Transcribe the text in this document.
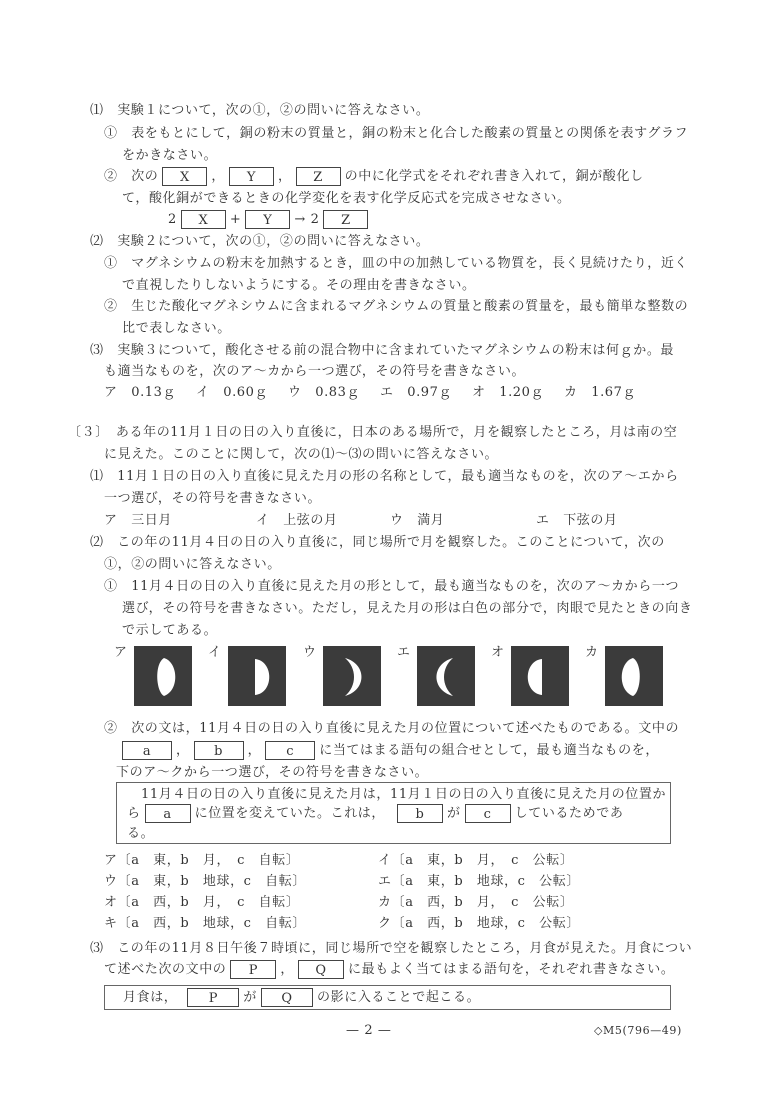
⑴　実験１について，次の①，②の問いに答えなさい。
①　表をもとにして，銅の粉末の質量と，銅の粉末と化合した酸素の質量との関係を表すグラフ
をかきなさい。
②　次の X ， Y ， Z の中に化学式をそれぞれ書き入れて，銅が酸化し
て，酸化銅ができるときの化学変化を表す化学反応式を完成させなさい。
2 X + Y → 2 Z
⑵　実験２について，次の①，②の問いに答えなさい。
①　マグネシウムの粉末を加熱するとき，皿の中の加熱している物質を，長く見続けたり，近く
で直視したりしないようにする。その理由を書きなさい。
②　生じた酸化マグネシウムに含まれるマグネシウムの質量と酸素の質量を，最も簡単な整数の
比で表しなさい。
⑶　実験３について，酸化させる前の混合物中に含まれていたマグネシウムの粉末は何ｇか。最
も適当なものを，次のア～カから一つ選び，その符号を書きなさい。
ア　0.13ｇ イ　0.60ｇ ウ　0.83ｇ エ　0.97ｇ オ　1.20ｇ カ　1.67ｇ
〔３〕　ある年の11月１日の日の入り直後に，日本のある場所で，月を観察したところ，月は南の空
に見えた。このことに関して，次の⑴～⑶の問いに答えなさい。
⑴　11月１日の日の入り直後に見えた月の形の名称として，最も適当なものを，次のア～エから
一つ選び，その符号を書きなさい。
ア　三日月	イ　上弦の月	ウ　満月	エ　下弦の月
⑵　この年の11月４日の日の入り直後に，同じ場所で月を観察した。このことについて，次の
①，②の問いに答えなさい。
①　11月４日の日の入り直後に見えた月の形として，最も適当なものを，次のア～カから一つ
選び，その符号を書きなさい。ただし，見えた月の形は白色の部分で，肉眼で見たときの向き
で示してある。
ア	イ	ウ	エ	オ	カ
②　次の文は，11月４日の日の入り直後に見えた月の位置について述べたものである。文中の
a ， b ， c に当てはまる語句の組合せとして，最も適当なものを，
下のア～クから一つ選び，その符号を書きなさい。
11月４日の日の入り直後に見えた月は，11月１日の日の入り直後に見えた月の位置か
ら a に位置を変えていた。これは， b が c しているためであ
る。
ア〔a　東，b　月，　c　自転〕	イ〔a　東，b　月，　c　公転〕
ウ〔a　東，b　地球，c　自転〕	エ〔a　東，b　地球，c　公転〕
オ〔a　西，b　月，　c　自転〕	カ〔a　西，b　月，　c　公転〕
キ〔a　西，b　地球，c　自転〕	ク〔a　西，b　地球，c　公転〕
⑶　この年の11月８日午後７時頃に，同じ場所で空を観察したところ，月食が見えた。月食につい
て述べた次の文中の P ， Q に最もよく当てはまる語句を，それぞれ書きなさい。
月食は， P が Q の影に入ることで起こる。
— 2 —	◇M5(796—49)
